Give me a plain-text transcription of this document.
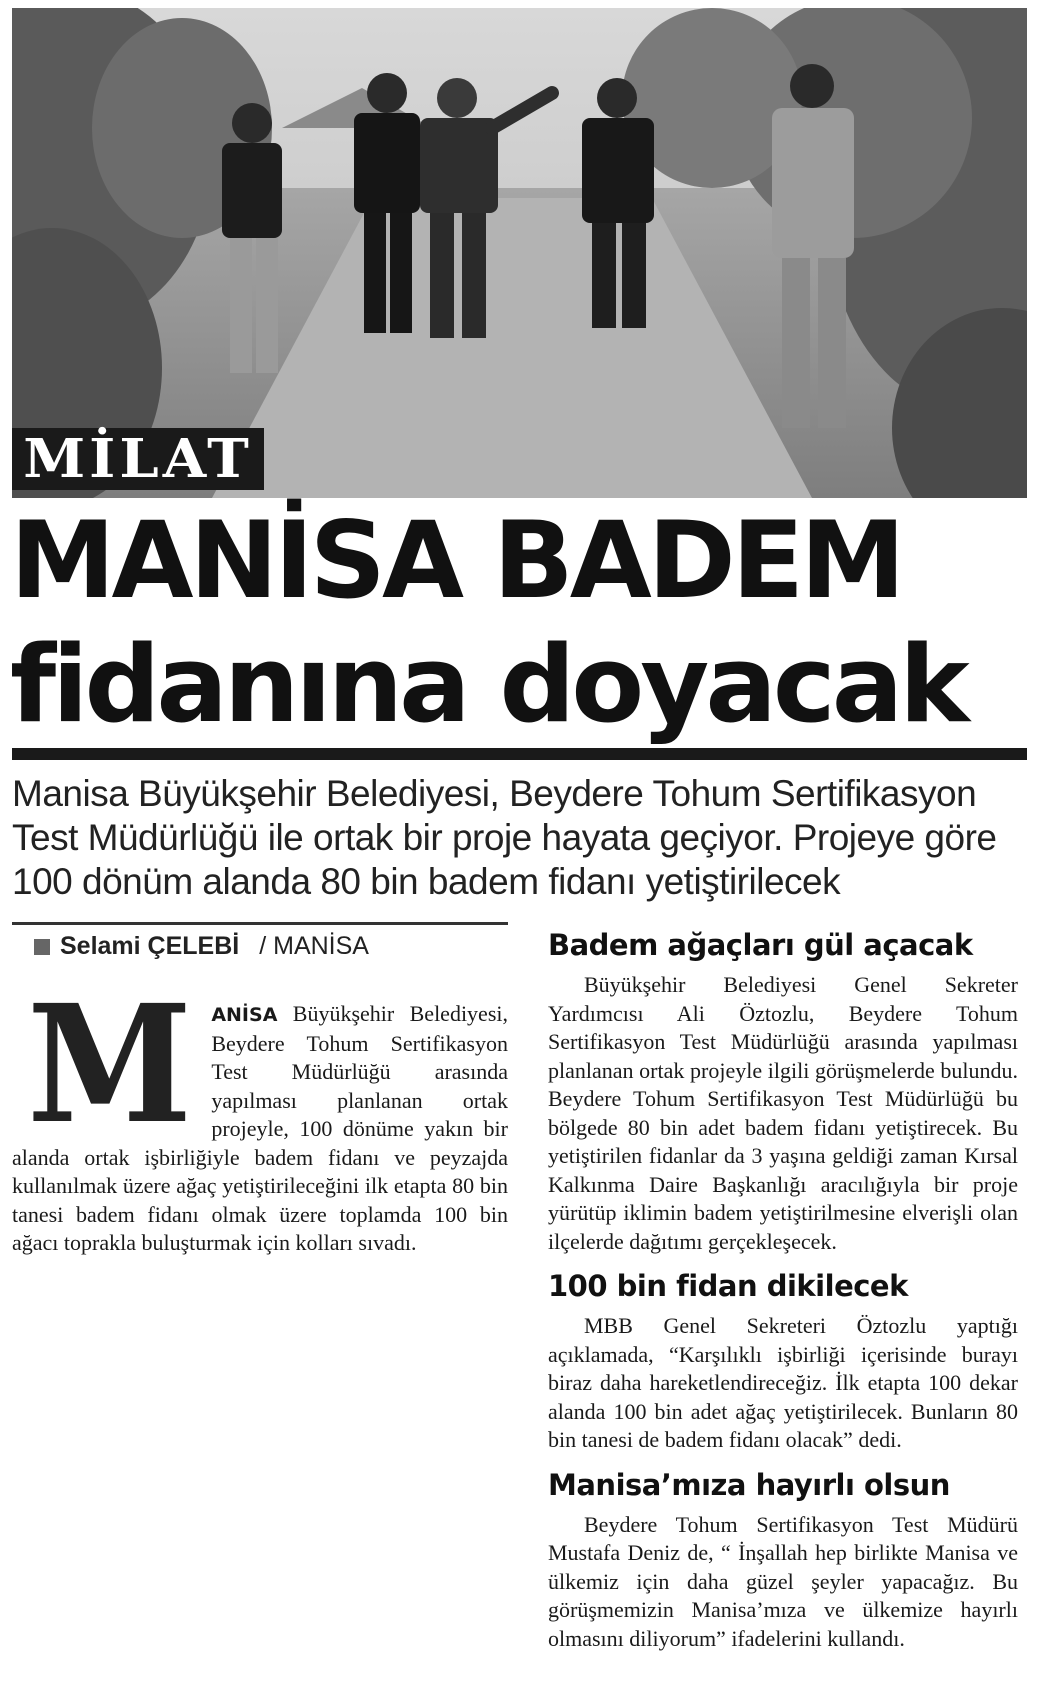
MİLAT
MANİSA BADEM
fidanına doyacak
Manisa Büyükşehir Belediyesi, Beydere Tohum Sertifikasyon Test Müdürlüğü ile ortak bir proje hayata geçiyor. Projeye göre 100 dönüm alanda 80 bin badem fidanı yetiştirilecek
Selami ÇELEBİ / MANİSA
M ANİSA Büyükşehir Belediyesi, Beydere Tohum Sertifikasyon Test Müdürlüğü arasında yapılması planlanan ortak projeyle, 100 dönüme yakın bir alanda ortak işbirliğiyle badem fidanı ve peyzajda kullanılmak üzere ağaç yetiştirileceğini ilk etapta 80 bin tanesi badem fidanı olmak üzere toplamda 100 bin ağacı toprakla buluşturmak için kolları sıvadı.
Badem ağaçları gül açacak

Büyükşehir Belediyesi Genel Sekreter Yardımcısı Ali Öztozlu, Beydere Tohum Sertifikasyon Test Müdürlüğü arasında yapılması planlanan ortak projeyle ilgili görüşmelerde bulundu. Beydere Tohum Sertifikasyon Test Müdürlüğü bu bölgede 80 bin adet badem fidanı yetiştirecek. Bu yetiştirilen fidanlar da 3 yaşına geldiği zaman Kırsal Kalkınma Daire Başkanlığı aracılığıyla bir proje yürütüp iklimin badem yetiştirilmesine elverişli olan ilçelerde dağıtımı gerçekleşecek.

100 bin fidan dikilecek

MBB Genel Sekreteri Öztozlu yaptığı açıklamada, “Karşılıklı işbirliği içerisinde burayı biraz daha hareketlendireceğiz. İlk etapta 100 dekar alanda 100 bin adet ağaç yetiştirilecek. Bunların 80 bin tanesi de badem fidanı olacak” dedi.

Manisa’mıza hayırlı olsun

Beydere Tohum Sertifikasyon Test Müdürü Mustafa Deniz de, “ İnşallah hep birlikte Manisa ve ülkemiz için daha güzel şeyler yapacağız. Bu görüşmemizin Manisa’mıza ve ülkemize hayırlı olmasını diliyorum” ifadelerini kullandı.
